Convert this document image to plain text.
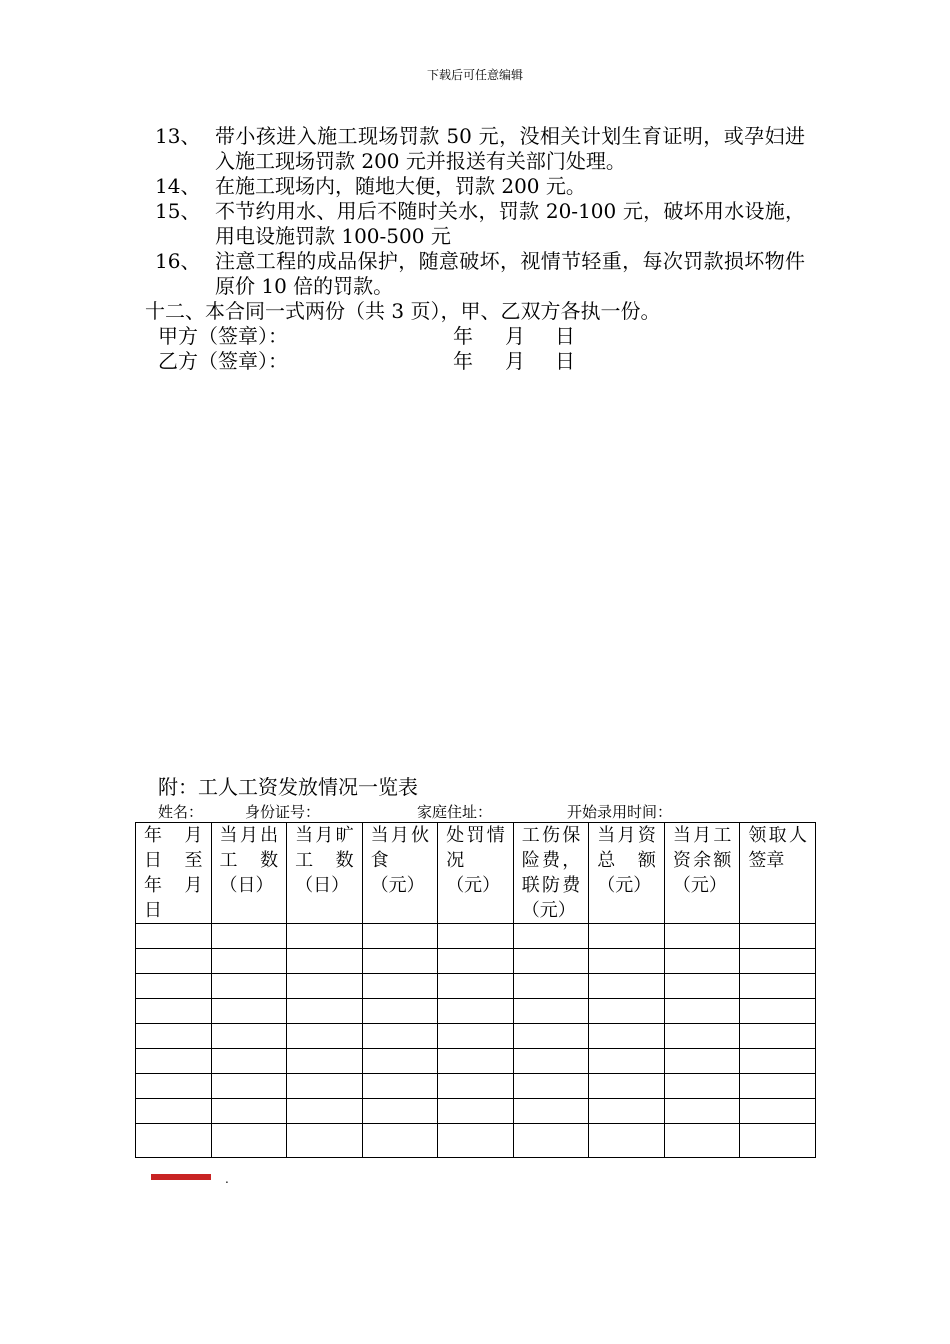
下载后可任意编辑
13、 带小孩进入施工现场罚款 50 元，没相关计划生育证明，或孕妇进入施工现场罚款 200 元并报送有关部门处理。
14、 在施工现场内，随地大便，罚款 200 元。
15、 不节约用水、用后不随时关水，罚款 20-100 元，破坏用水设施，用电设施罚款 100-500 元
16、 注意工程的成品保护，随意破坏，视情节轻重，每次罚款损坏物件原价 10 倍的罚款。
十二、本合同一式两份（共 3 页），甲、乙双方各执一份。
甲方（签章）：	年 月 日
乙方（签章）：	年 月 日
附：工人工资发放情况一览表
姓名：	身份证号：	家庭住址：	开始录用时间：
年　月日　至年　月日	当月出工　数（日）	当月旷工　数（日）	当月伙食（元）	处罚情况（元）	工伤保险费，联防费（元）	当月资总　额（元）	当月工资余额（元）	领取人签章

.
